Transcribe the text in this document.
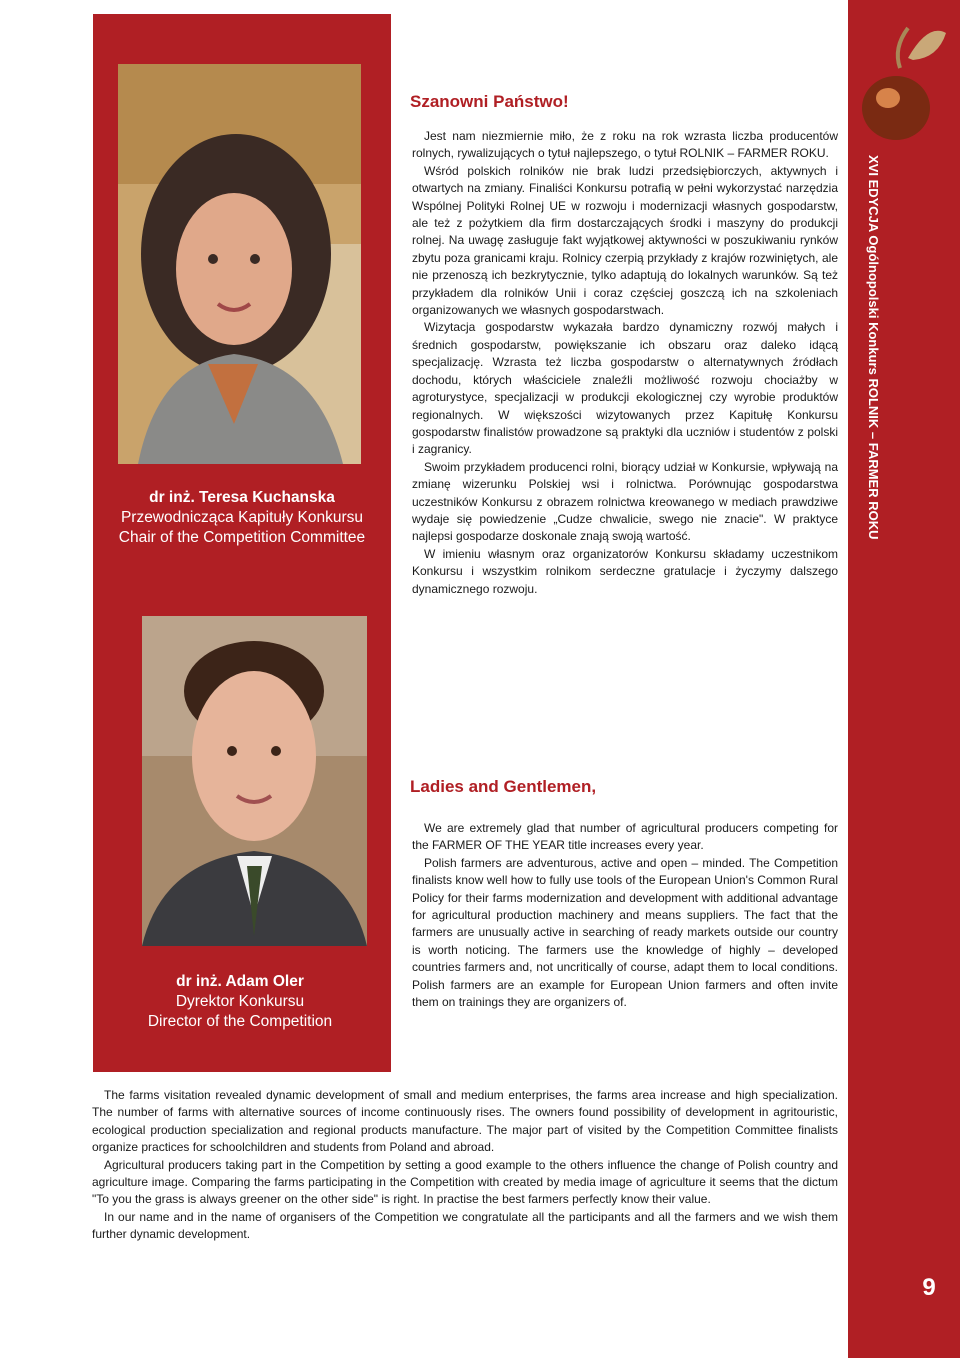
dr inż. Teresa Kuchanska
Przewodnicząca Kapituły Konkursu
Chair of the Competition Committee
dr inż. Adam Oler
Dyrektor Konkursu
Director of the Competition
Szanowni Państwo!

Jest nam niezmiernie miło, że z roku na rok wzrasta liczba producentów rolnych, rywalizujących o tytuł najlepszego, o tytuł ROLNIK – FARMER ROKU.

Wśród polskich rolników nie brak ludzi przedsiębiorczych, aktywnych i otwartych na zmiany. Finaliści Konkursu potrafią w pełni wykorzystać narzędzia Wspólnej Polityki Rolnej UE w rozwoju i modernizacji własnych gospodarstw, ale też z pożytkiem dla firm dostarczających środki i maszyny do produkcji rolnej. Na uwagę zasługuje fakt wyjątkowej aktywności w poszukiwaniu rynków zbytu poza granicami kraju. Rolnicy czerpią przykłady z krajów rozwiniętych, ale nie przenoszą ich bezkrytycznie, tylko adaptują do lokalnych warunków. Są też przykładem dla rolników Unii i coraz częściej goszczą ich na szkoleniach organizowanych we własnych gospodarstwach.

Wizytacja gospodarstw wykazała bardzo dynamiczny rozwój małych i średnich gospodarstw, powiększanie ich obszaru oraz daleko idącą specjalizację. Wzrasta też liczba gospodarstw o alternatywnych źródłach dochodu, których właściciele znaleźli możliwość rozwoju chociażby w agroturystyce, specjalizacji w produkcji ekologicznej czy wyrobie produktów regionalnych. W większości wizytowanych przez Kapitułę Konkursu gospodarstw finalistów prowadzone są praktyki dla uczniów i studentów z polski i zagranicy.

Swoim przykładem producenci rolni, biorący udział w Konkursie, wpływają na zmianę wizerunku Polskiej wsi i rolnictwa. Porównując gospodarstwa uczestników Konkursu z obrazem rolnictwa kreowanego w mediach prawdziwe wydaje się powiedzenie „Cudze chwalicie, swego nie znacie". W praktyce najlepsi gospodarze doskonale znają swoją wartość.

W imieniu własnym oraz organizatorów Konkursu składamy uczestnikom Konkursu i wszystkim rolnikom serdeczne gratulacje i życzymy dalszego dynamicznego rozwoju.

Ladies and Gentlemen,

We are extremely glad that number of agricultural producers competing for the FARMER OF THE YEAR title increases every year.

Polish farmers are adventurous, active and open – minded. The Competition finalists know well how to fully use tools of the European Union's Common Rural Policy for their farms modernization and development with additional advantage for agricultural production machinery and means suppliers. The fact that the farmers are unusually active in searching of ready markets outside our country is worth noticing. The farmers use the knowledge of highly – developed countries farmers and, not uncritically of course, adapt them to local conditions. Polish farmers are an example for European Union farmers and often invite them on trainings they are organizers of.

The farms visitation revealed dynamic development of small and medium enterprises, the farms area increase and high specialization. The number of farms with alternative sources of income continuously rises. The owners found possibility of development in agritouristic, ecological production specialization and regional products manufacture. The major part of visited by the Competition Committee finalists organize practices for schoolchildren and students from Poland and abroad.

Agricultural producers taking part in the Competition by setting a good example to the others influence the change of Polish country and agriculture image. Comparing the farms participating in the Competition with created by media image of agriculture it seems that the dictum "To you the grass is always greener on the other side" is right. In practise the best farmers perfectly know their value.

In our name and in the name of organisers of the Competition we congratulate all the participants and all the farmers and we wish them further dynamic development.

XVI EDYCJA Ogólnopolski Konkurs ROLNIK – FARMER ROKU
9
